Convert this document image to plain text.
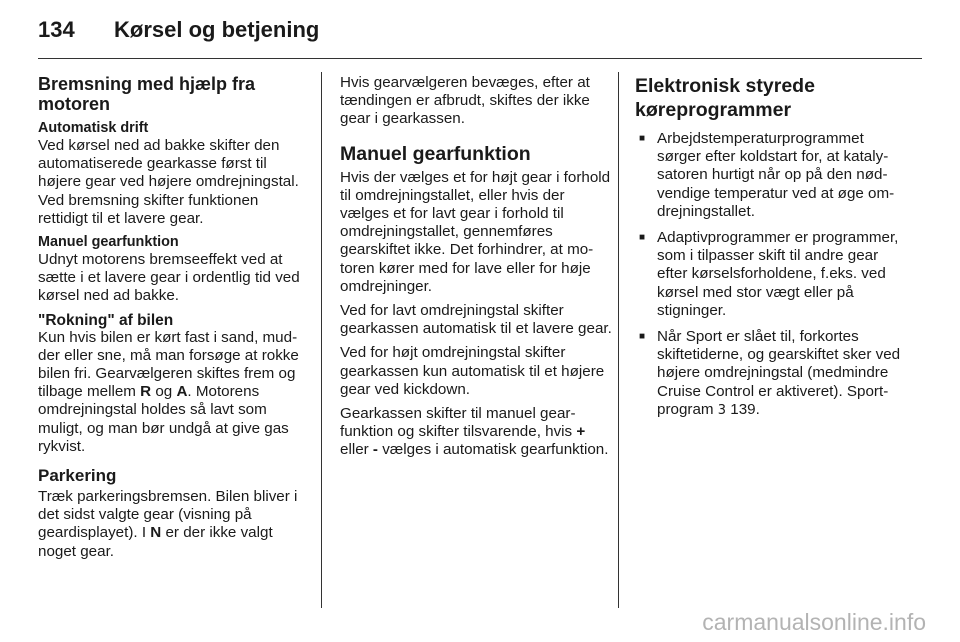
134 Kørsel og betjening
Bremsning med hjælp fra motoren
Automatisk drift

Ved kørsel ned ad bakke skifter den automatiserede gearkasse først til højere gear ved højere omdrejningstal. Ved bremsning skifter funktionen rettidigt til et lavere gear.

Manuel gearfunktion

Udnyt motorens bremseeffekt ved at sætte i et lavere gear i ordentlig tid ved kørsel ned ad bakke.

"Rokning" af bilen

Kun hvis bilen er kørt fast i sand, mudder eller sne, må man forsøge at rokke bilen fri. Gearvælgeren skiftes frem og tilbage mellem R og A. Motorens omdrejningstal holdes så lavt som muligt, og man bør undgå at give gas rykvist.

Parkering

Træk parkeringsbremsen. Bilen bliver i det sidst valgte gear (visning på geardisplayet). I N er der ikke valgt noget gear.

Hvis gearvælgeren bevæges, efter at tændingen er afbrudt, skiftes der ikke gear i gearkassen.

Manuel gearfunktion

Hvis der vælges et for højt gear i forhold til omdrejningstallet, eller hvis der vælges et for lavt gear i forhold til omdrejningstallet, gennemføres gearskiftet ikke. Det forhindrer, at motoren kører med for lave eller for høje omdrejninger.

Ved for lavt omdrejningstal skifter gearkassen automatisk til et lavere gear.

Ved for højt omdrejningstal skifter gearkassen kun automatisk til et højere gear ved kickdown.

Gearkassen skifter til manuel gearfunktion og skifter tilsvarende, hvis + eller - vælges i automatisk gearfunktion.

Elektronisk styrede køreprogrammer
■ Arbejdstemperaturprogrammet sørger efter koldstart for, at katalysatoren hurtigt når op på den nødvendige temperatur ved at øge omdrejningstallet.
■ Adaptivprogrammer er programmer, som i tilpasser skift til andre gear efter kørselsforholdene, f.eks. ved kørsel med stor vægt eller på stigninger.
■ Når Sport er slået til, forkortes skiftetiderne, og gearskiftet sker ved højere omdrejningstal (medmindre Cruise Control er aktiveret). Sport-program 3 139.
carmanualsonline.info
